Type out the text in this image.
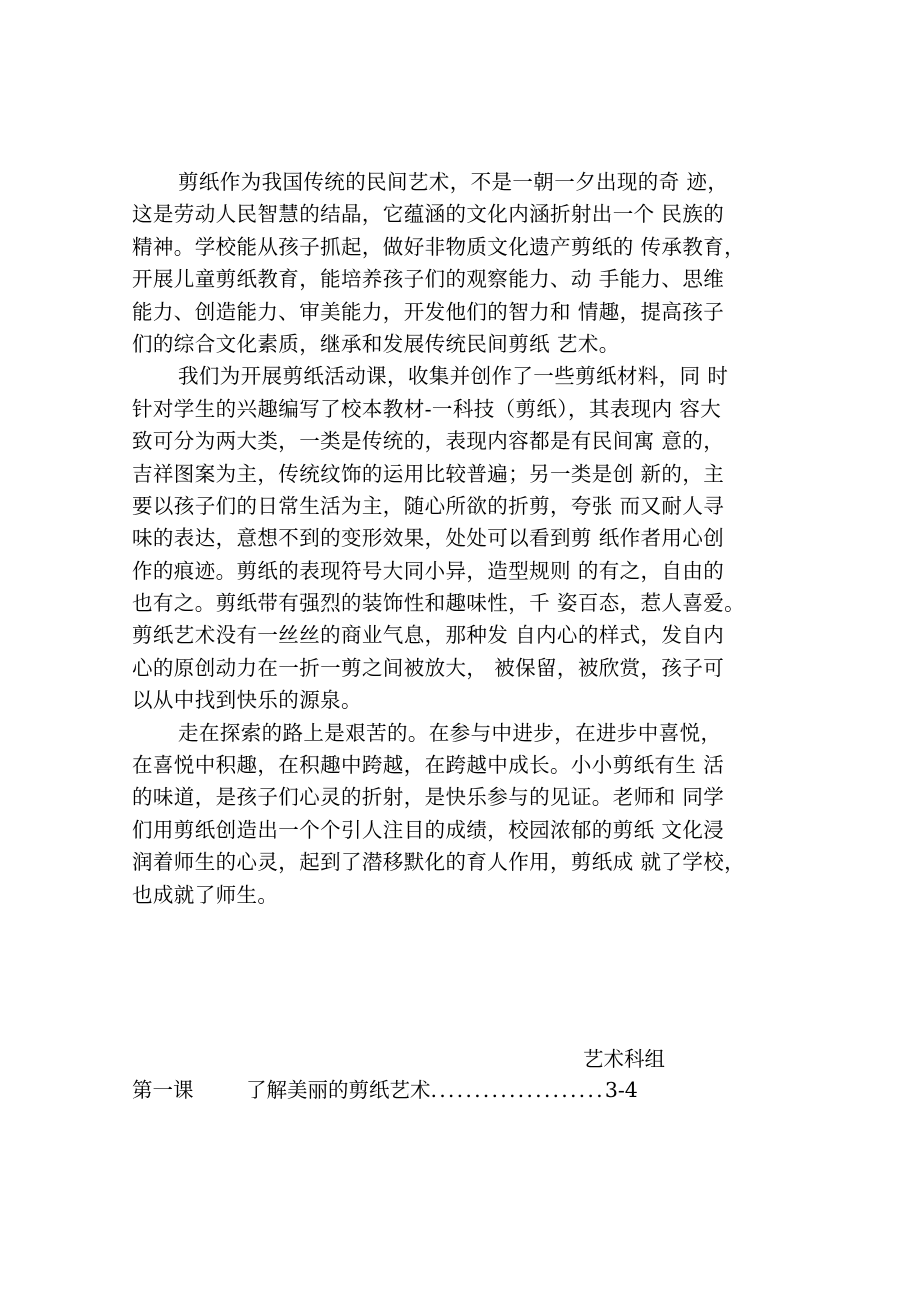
剪纸作为我国传统的民间艺术，不是一朝一夕出现的奇 迹，
这是劳动人民智慧的结晶，它蕴涵的文化内涵折射出一个 民族的
精神。学校能从孩子抓起，做好非物质文化遗产剪纸的 传承教育，
开展儿童剪纸教育，能培养孩子们的观察能力、动 手能力、思维
能力、创造能力、审美能力，开发他们的智力和 情趣，提高孩子
们的综合文化素质，继承和发展传统民间剪纸 艺术。
我们为开展剪纸活动课，收集并创作了一些剪纸材料，同 时
针对学生的兴趣编写了校本教材-一科技（剪纸），其表现内 容大
致可分为两大类，一类是传统的，表现内容都是有民间寓 意的，
吉祥图案为主，传统纹饰的运用比较普遍；另一类是创 新的，主
要以孩子们的日常生活为主，随心所欲的折剪，夸张 而又耐人寻
味的表达，意想不到的变形效果，处处可以看到剪 纸作者用心创
作的痕迹。剪纸的表现符号大同小异，造型规则 的有之，自由的
也有之。剪纸带有强烈的装饰性和趣味性，千 姿百态，惹人喜爱。
剪纸艺术没有一丝丝的商业气息，那种发 自内心的样式，发自内
心的原创动力在一折一剪之间被放大， 被保留，被欣赏，孩子可
以从中找到快乐的源泉。
走在探索的路上是艰苦的。在参与中进步，在进步中喜悦，
在喜悦中积趣，在积趣中跨越，在跨越中成长。小小剪纸有生 活
的味道，是孩子们心灵的折射，是快乐参与的见证。老师和 同学
们用剪纸创造出一个个引人注目的成绩，校园浓郁的剪纸 文化浸
润着师生的心灵，起到了潜移默化的育人作用，剪纸成 就了学校，
也成就了师生。
艺术科组
第一课	了解美丽的剪纸艺术....................3-4
